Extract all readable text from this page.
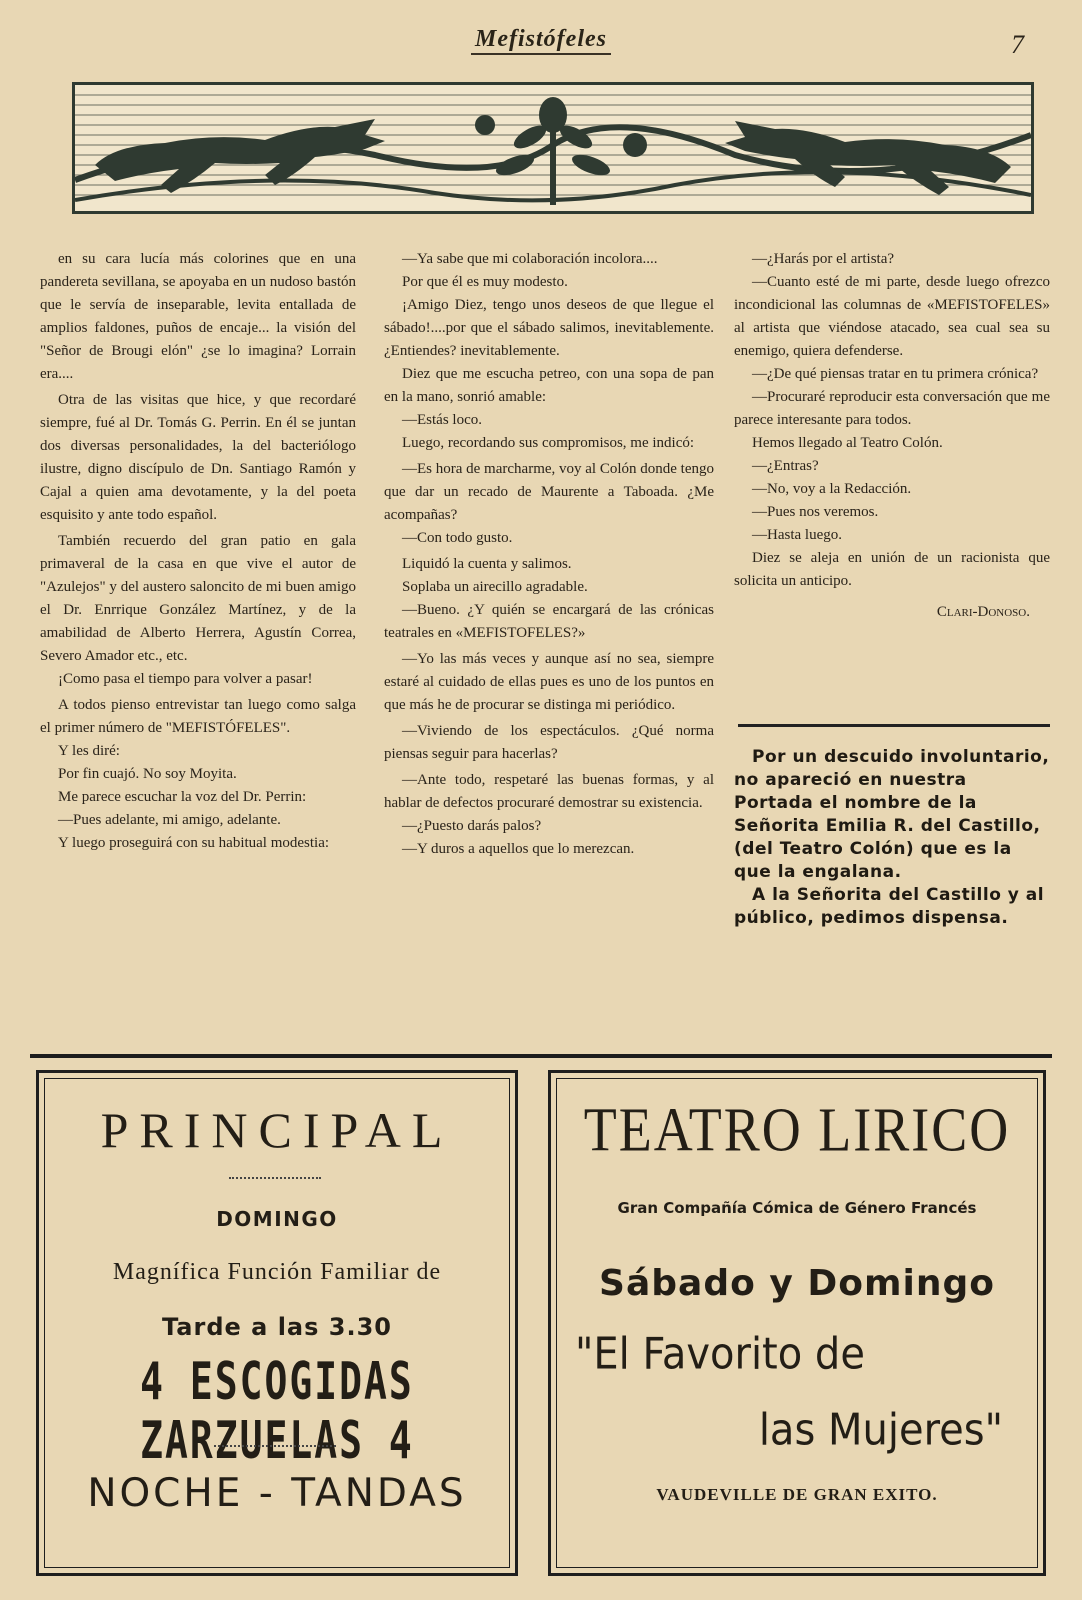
Mefistófeles	7

en su cara lucía más colorines que en una pandereta sevillana, se apoyaba en un nudoso bastón que le servía de inseparable, levita entallada de amplios faldones, puños de encaje... la visión del "Señor de Brougi elón" ¿se lo imagina? Lorrain era....

Otra de las visitas que hice, y que recordaré siempre, fué al Dr. Tomás G. Perrin. En él se juntan dos diversas personalidades, la del bacteriólogo ilustre, digno discípulo de Dn. Santiago Ramón y Cajal a quien ama devotamente, y la del poeta esquisito y ante todo español.

También recuerdo del gran patio en gala primaveral de la casa en que vive el autor de "Azulejos" y del austero saloncito de mi buen amigo el Dr. Enrrique González Martínez, y de la amabilidad de Alberto Herrera, Agustín Correa, Severo Amador etc., etc.

¡Como pasa el tiempo para volver a pasar!

A todos pienso entrevistar tan luego como salga el primer número de "MEFISTÓFELES".

Y les diré:

Por fin cuajó. No soy Moyita.

Me parece escuchar la voz del Dr. Perrin:

—Pues adelante, mi amigo, adelante.

Y luego proseguirá con su habitual modestia:

—Ya sabe que mi colaboración incolora....

Por que él es muy modesto.

¡Amigo Diez, tengo unos deseos de que llegue el sábado!....por que el sábado salimos, inevitablemente. ¿Entiendes? inevitablemente.

Diez que me escucha petreo, con una sopa de pan en la mano, sonrió amable:

—Estás loco.

Luego, recordando sus compromisos, me indicó:

—Es hora de marcharme, voy al Colón donde tengo que dar un recado de Maurente a Taboada. ¿Me acompañas?

—Con todo gusto.

Liquidó la cuenta y salimos.

Soplaba un airecillo agradable.

—Bueno. ¿Y quién se encargará de las crónicas teatrales en «MEFISTOFELES?»

—Yo las más veces y aunque así no sea, siempre estaré al cuidado de ellas pues es uno de los puntos en que más he de procurar se distinga mi periódico.

—Viviendo de los espectáculos. ¿Qué norma piensas seguir para hacerlas?

—Ante todo, respetaré las buenas formas, y al hablar de defectos procuraré demostrar su existencia.

—¿Puesto darás palos?

—Y duros a aquellos que lo merezcan.

—¿Harás por el artista?

—Cuanto esté de mi parte, desde luego ofrezco incondicional las columnas de «MEFISTOFELES» al artista que viéndose atacado, sea cual sea su enemigo, quiera defenderse.

—¿De qué piensas tratar en tu primera crónica?

—Procuraré reproducir esta conversación que me parece interesante para todos.

Hemos llegado al Teatro Colón.

—¿Entras?

—No, voy a la Redacción.

—Pues nos veremos.

—Hasta luego.

Diez se aleja en unión de un racionista que solicita un anticipo.

Clari-Donoso.

Por un descuido involuntario, no apareció en nuestra Portada el nombre de la Señorita Emilia R. del Castillo, (del Teatro Colón) que es la que la engalana.

A la Señorita del Castillo y al público, pedimos dispensa.

PRINCIPAL
DOMINGO
Magnífica Función Familiar de
Tarde a las 3.30
4 ESCOGIDAS ZARZUELAS 4
NOCHE - TANDAS
TEATRO LIRICO
Gran Compañía Cómica de Género Francés
Sábado y Domingo
"El Favorito de
las Mujeres"
VAUDEVILLE DE GRAN EXITO.
